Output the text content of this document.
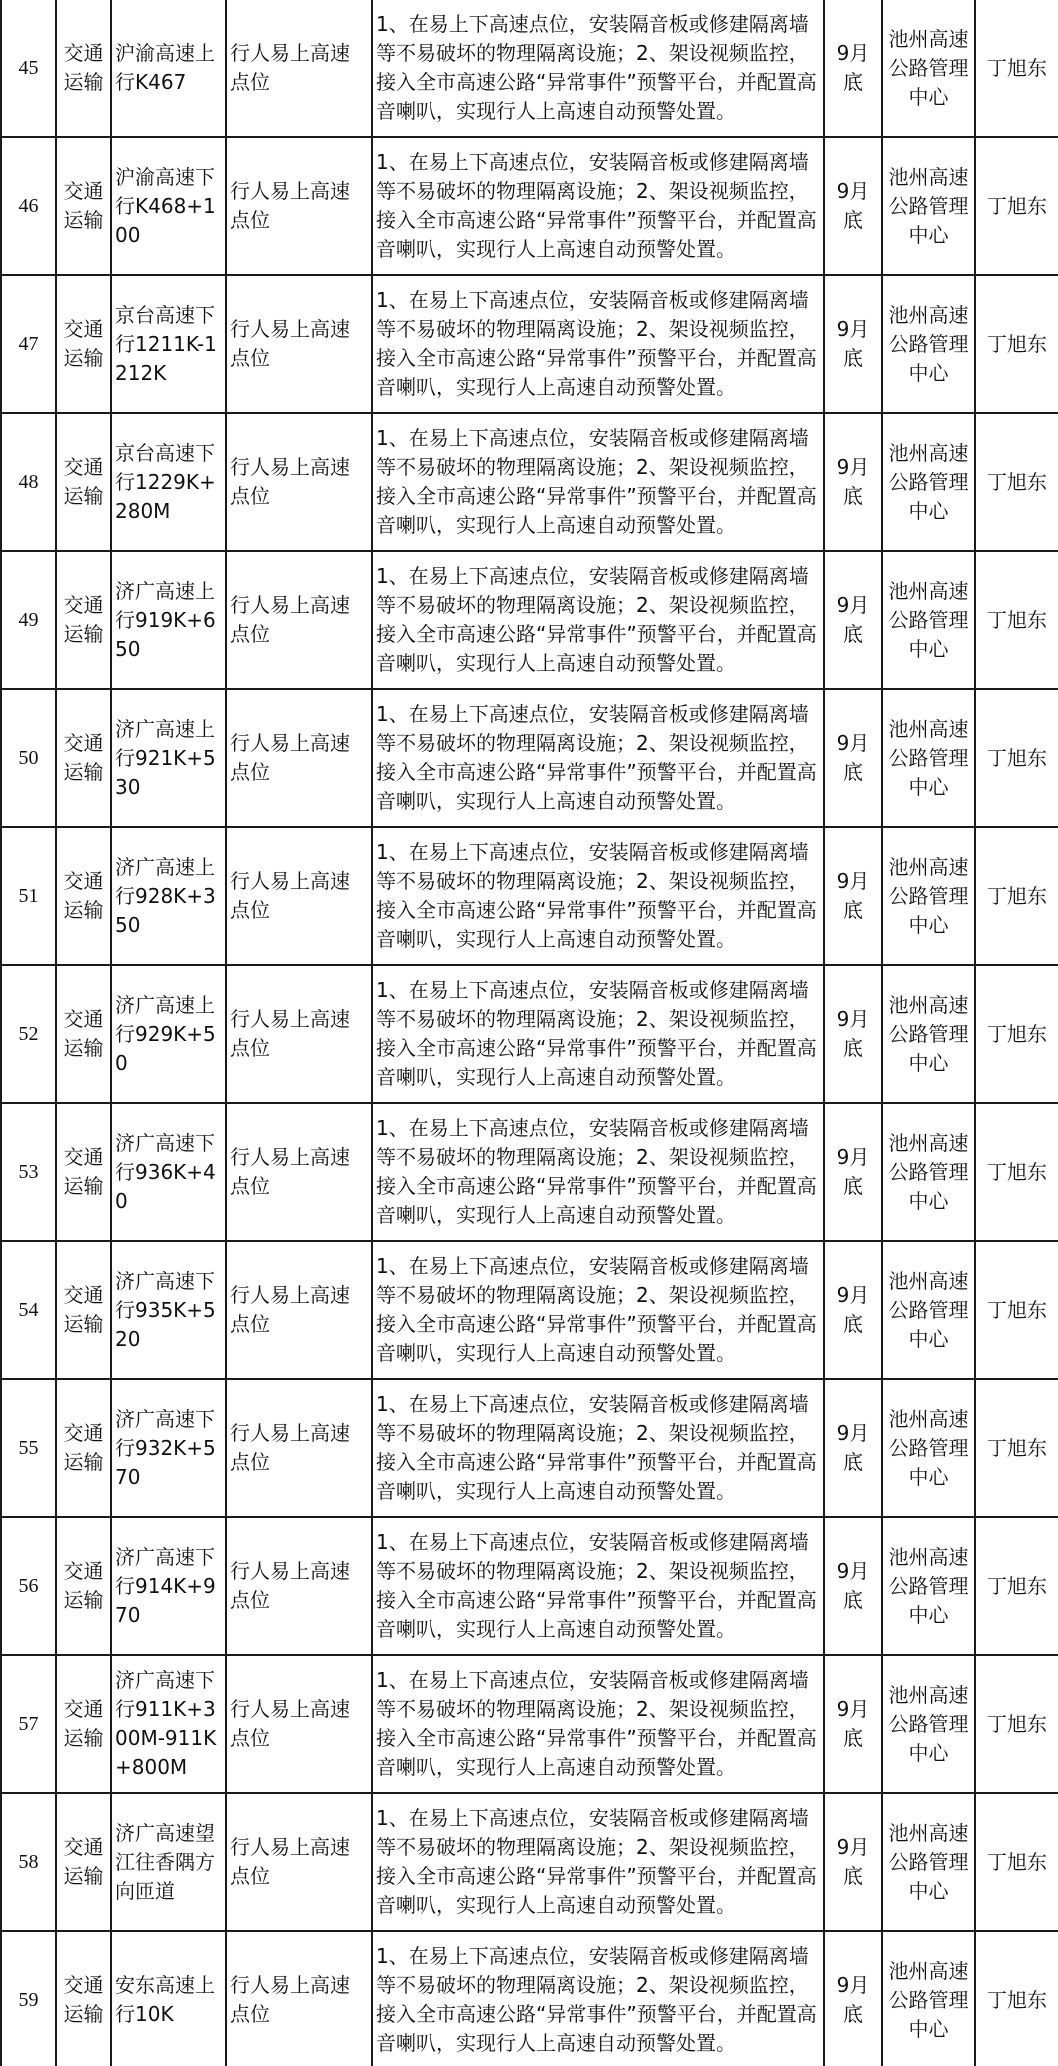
45	交通运输	沪渝高速上行K467	行人易上高速点位	1、在易上下高速点位，安装隔音板或修建隔离墙等不易破坏的物理隔离设施；2、架设视频监控，接入全市高速公路“异常事件”预警平台，并配置高音喇叭，实现行人上高速自动预警处置。	9月底	池州高速公路管理中心	丁旭东
46	交通运输	沪渝高速下行K468+100	行人易上高速点位	1、在易上下高速点位，安装隔音板或修建隔离墙等不易破坏的物理隔离设施；2、架设视频监控，接入全市高速公路“异常事件”预警平台，并配置高音喇叭，实现行人上高速自动预警处置。	9月底	池州高速公路管理中心	丁旭东
47	交通运输	京台高速下行1211K-1212K	行人易上高速点位	1、在易上下高速点位，安装隔音板或修建隔离墙等不易破坏的物理隔离设施；2、架设视频监控，接入全市高速公路“异常事件”预警平台，并配置高音喇叭，实现行人上高速自动预警处置。	9月底	池州高速公路管理中心	丁旭东
48	交通运输	京台高速下行1229K+280M	行人易上高速点位	1、在易上下高速点位，安装隔音板或修建隔离墙等不易破坏的物理隔离设施；2、架设视频监控，接入全市高速公路“异常事件”预警平台，并配置高音喇叭，实现行人上高速自动预警处置。	9月底	池州高速公路管理中心	丁旭东
49	交通运输	济广高速上行919K+650	行人易上高速点位	1、在易上下高速点位，安装隔音板或修建隔离墙等不易破坏的物理隔离设施；2、架设视频监控，接入全市高速公路“异常事件”预警平台，并配置高音喇叭，实现行人上高速自动预警处置。	9月底	池州高速公路管理中心	丁旭东
50	交通运输	济广高速上行921K+530	行人易上高速点位	1、在易上下高速点位，安装隔音板或修建隔离墙等不易破坏的物理隔离设施；2、架设视频监控，接入全市高速公路“异常事件”预警平台，并配置高音喇叭，实现行人上高速自动预警处置。	9月底	池州高速公路管理中心	丁旭东
51	交通运输	济广高速上行928K+350	行人易上高速点位	1、在易上下高速点位，安装隔音板或修建隔离墙等不易破坏的物理隔离设施；2、架设视频监控，接入全市高速公路“异常事件”预警平台，并配置高音喇叭，实现行人上高速自动预警处置。	9月底	池州高速公路管理中心	丁旭东
52	交通运输	济广高速上行929K+50	行人易上高速点位	1、在易上下高速点位，安装隔音板或修建隔离墙等不易破坏的物理隔离设施；2、架设视频监控，接入全市高速公路“异常事件”预警平台，并配置高音喇叭，实现行人上高速自动预警处置。	9月底	池州高速公路管理中心	丁旭东
53	交通运输	济广高速下行936K+40	行人易上高速点位	1、在易上下高速点位，安装隔音板或修建隔离墙等不易破坏的物理隔离设施；2、架设视频监控，接入全市高速公路“异常事件”预警平台，并配置高音喇叭，实现行人上高速自动预警处置。	9月底	池州高速公路管理中心	丁旭东
54	交通运输	济广高速下行935K+520	行人易上高速点位	1、在易上下高速点位，安装隔音板或修建隔离墙等不易破坏的物理隔离设施；2、架设视频监控，接入全市高速公路“异常事件”预警平台，并配置高音喇叭，实现行人上高速自动预警处置。	9月底	池州高速公路管理中心	丁旭东
55	交通运输	济广高速下行932K+570	行人易上高速点位	1、在易上下高速点位，安装隔音板或修建隔离墙等不易破坏的物理隔离设施；2、架设视频监控，接入全市高速公路“异常事件”预警平台，并配置高音喇叭，实现行人上高速自动预警处置。	9月底	池州高速公路管理中心	丁旭东
56	交通运输	济广高速下行914K+970	行人易上高速点位	1、在易上下高速点位，安装隔音板或修建隔离墙等不易破坏的物理隔离设施；2、架设视频监控，接入全市高速公路“异常事件”预警平台，并配置高音喇叭，实现行人上高速自动预警处置。	9月底	池州高速公路管理中心	丁旭东
57	交通运输	济广高速下行911K+300M-911K+800M	行人易上高速点位	1、在易上下高速点位，安装隔音板或修建隔离墙等不易破坏的物理隔离设施；2、架设视频监控，接入全市高速公路“异常事件”预警平台，并配置高音喇叭，实现行人上高速自动预警处置。	9月底	池州高速公路管理中心	丁旭东
58	交通运输	济广高速望江往香隅方向匝道	行人易上高速点位	1、在易上下高速点位，安装隔音板或修建隔离墙等不易破坏的物理隔离设施；2、架设视频监控，接入全市高速公路“异常事件”预警平台，并配置高音喇叭，实现行人上高速自动预警处置。	9月底	池州高速公路管理中心	丁旭东
59	交通运输	安东高速上行10K	行人易上高速点位	1、在易上下高速点位，安装隔音板或修建隔离墙等不易破坏的物理隔离设施；2、架设视频监控，接入全市高速公路“异常事件”预警平台，并配置高音喇叭，实现行人上高速自动预警处置。	9月底	池州高速公路管理中心	丁旭东
